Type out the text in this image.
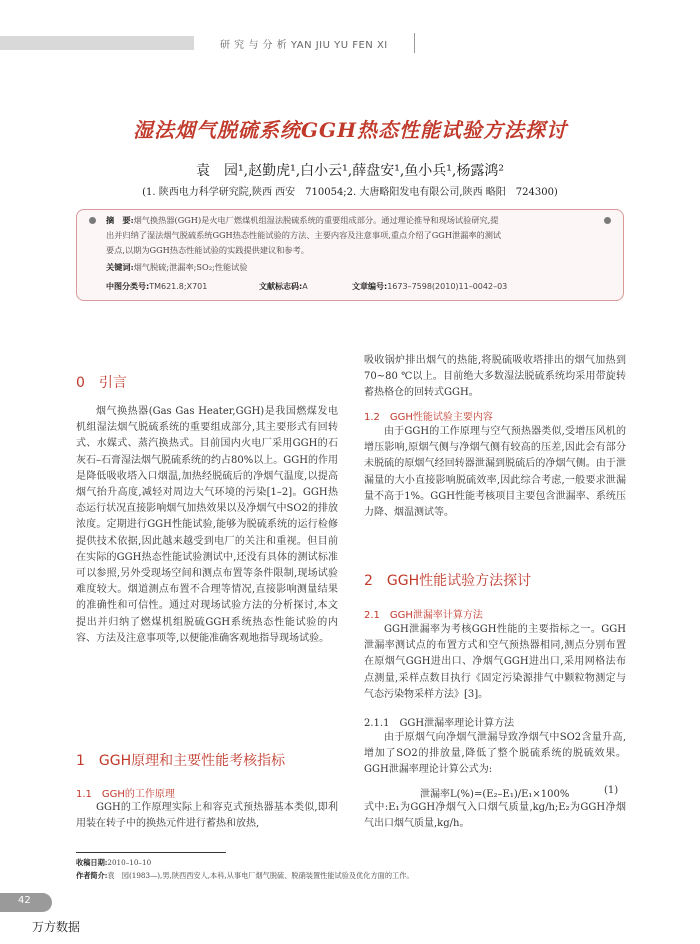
研 究 与 分 析 YAN JIU YU FEN XI
湿法烟气脱硫系统GGH热态性能试验方法探讨
袁　园¹,赵勤虎¹,白小云¹,薛盘安¹,鱼小兵¹,杨露鸿²
(1. 陕西电力科学研究院,陕西 西安　710054;2. 大唐略阳发电有限公司,陕西 略阳　724300)
摘　要:烟气换热器(GGH)是火电厂燃煤机组湿法脱硫系统的重要组成部分。通过理论推导和现场试验研究,提
出并归纳了湿法烟气脱硫系统GGH热态性能试验的方法、主要内容及注意事项,重点介绍了GGH泄漏率的测试
要点,以期为GGH热态性能试验的实践提供建议和参考。
关键词:烟气脱硫;泄漏率;SO₂;性能试验
中图分类号:TM621.8;X701	文献标志码:A	文章编号:1673–7598(2010)11–0042–03
0　引言

烟气换热器(Gas Gas Heater,GGH)是我国燃煤发电机组湿法烟气脱硫系统的重要组成部分,其主要形式有回转式、水媒式、蒸汽换热式。目前国内火电厂采用GGH的石灰石–石膏湿法烟气脱硫系统的约占80%以上。GGH的作用是降低吸收塔入口烟温,加热经脱硫后的净烟气温度,以提高烟气抬升高度,减轻对周边大气环境的污染[1–2]。GGH热态运行状况直接影响烟气加热效果以及净烟气中SO2的排放浓度。定期进行GGH性能试验,能够为脱硫系统的运行检修提供技术依据,因此越来越受到电厂的关注和重视。但目前在实际的GGH热态性能试验测试中,还没有具体的测试标准可以参照,另外受现场空间和测点布置等条件限制,现场试验难度较大。烟道测点布置不合理等情况,直接影响测量结果的准确性和可信性。通过对现场试验方法的分析探讨,本文提出并归纳了燃煤机组脱硫GGH系统热态性能试验的内容、方法及注意事项等,以便能准确客观地指导现场试验。

1　GGH原理和主要性能考核指标
1.1　GGH的工作原理

GGH的工作原理实际上和容克式预热器基本类似,即利用装在转子中的换热元件进行蓄热和放热,

吸收锅炉排出烟气的热能,将脱硫吸收塔排出的烟气加热到70~80 ℃以上。目前绝大多数湿法脱硫系统均采用带旋转蓄热格仓的回转式GGH。

1.2　GGH性能试验主要内容

由于GGH的工作原理与空气预热器类似,受增压风机的增压影响,原烟气侧与净烟气侧有较高的压差,因此会有部分未脱硫的原烟气经回转器泄漏到脱硫后的净烟气侧。由于泄漏量的大小直接影响脱硫效率,因此综合考虑,一般要求泄漏量不高于1%。GGH性能考核项目主要包含泄漏率、系统压力降、烟温测试等。

2　GGH性能试验方法探讨
2.1　GGH泄漏率计算方法

GGH泄漏率为考核GGH性能的主要指标之一。GGH泄漏率测试点的布置方式和空气预热器相同,测点分别布置在原烟气GGH进出口、净烟气GGH进出口,采用网格法布点测量,采样点数目执行《固定污染源排气中颗粒物测定与气态污染物采样方法》[3]。

2.1.1　GGH泄漏率理论计算方法

由于原烟气向净烟气泄漏导致净烟气中SO2含量升高,增加了SO2的排放量,降低了整个脱硫系统的脱硫效果。GGH泄漏率理论计算公式为:

泄漏率L(%)=(E₂–E₁)/E₁×100%	(1)

式中:E₁为GGH净烟气入口烟气质量,kg/h;E₂为GGH净烟气出口烟气质量,kg/h。

收稿日期:2010–10–10
作者简介:袁　园(1983—),男,陕西西安人,本科,从事电厂烟气脱硫、脱硝装置性能试验及优化方面的工作。
42
万方数据
